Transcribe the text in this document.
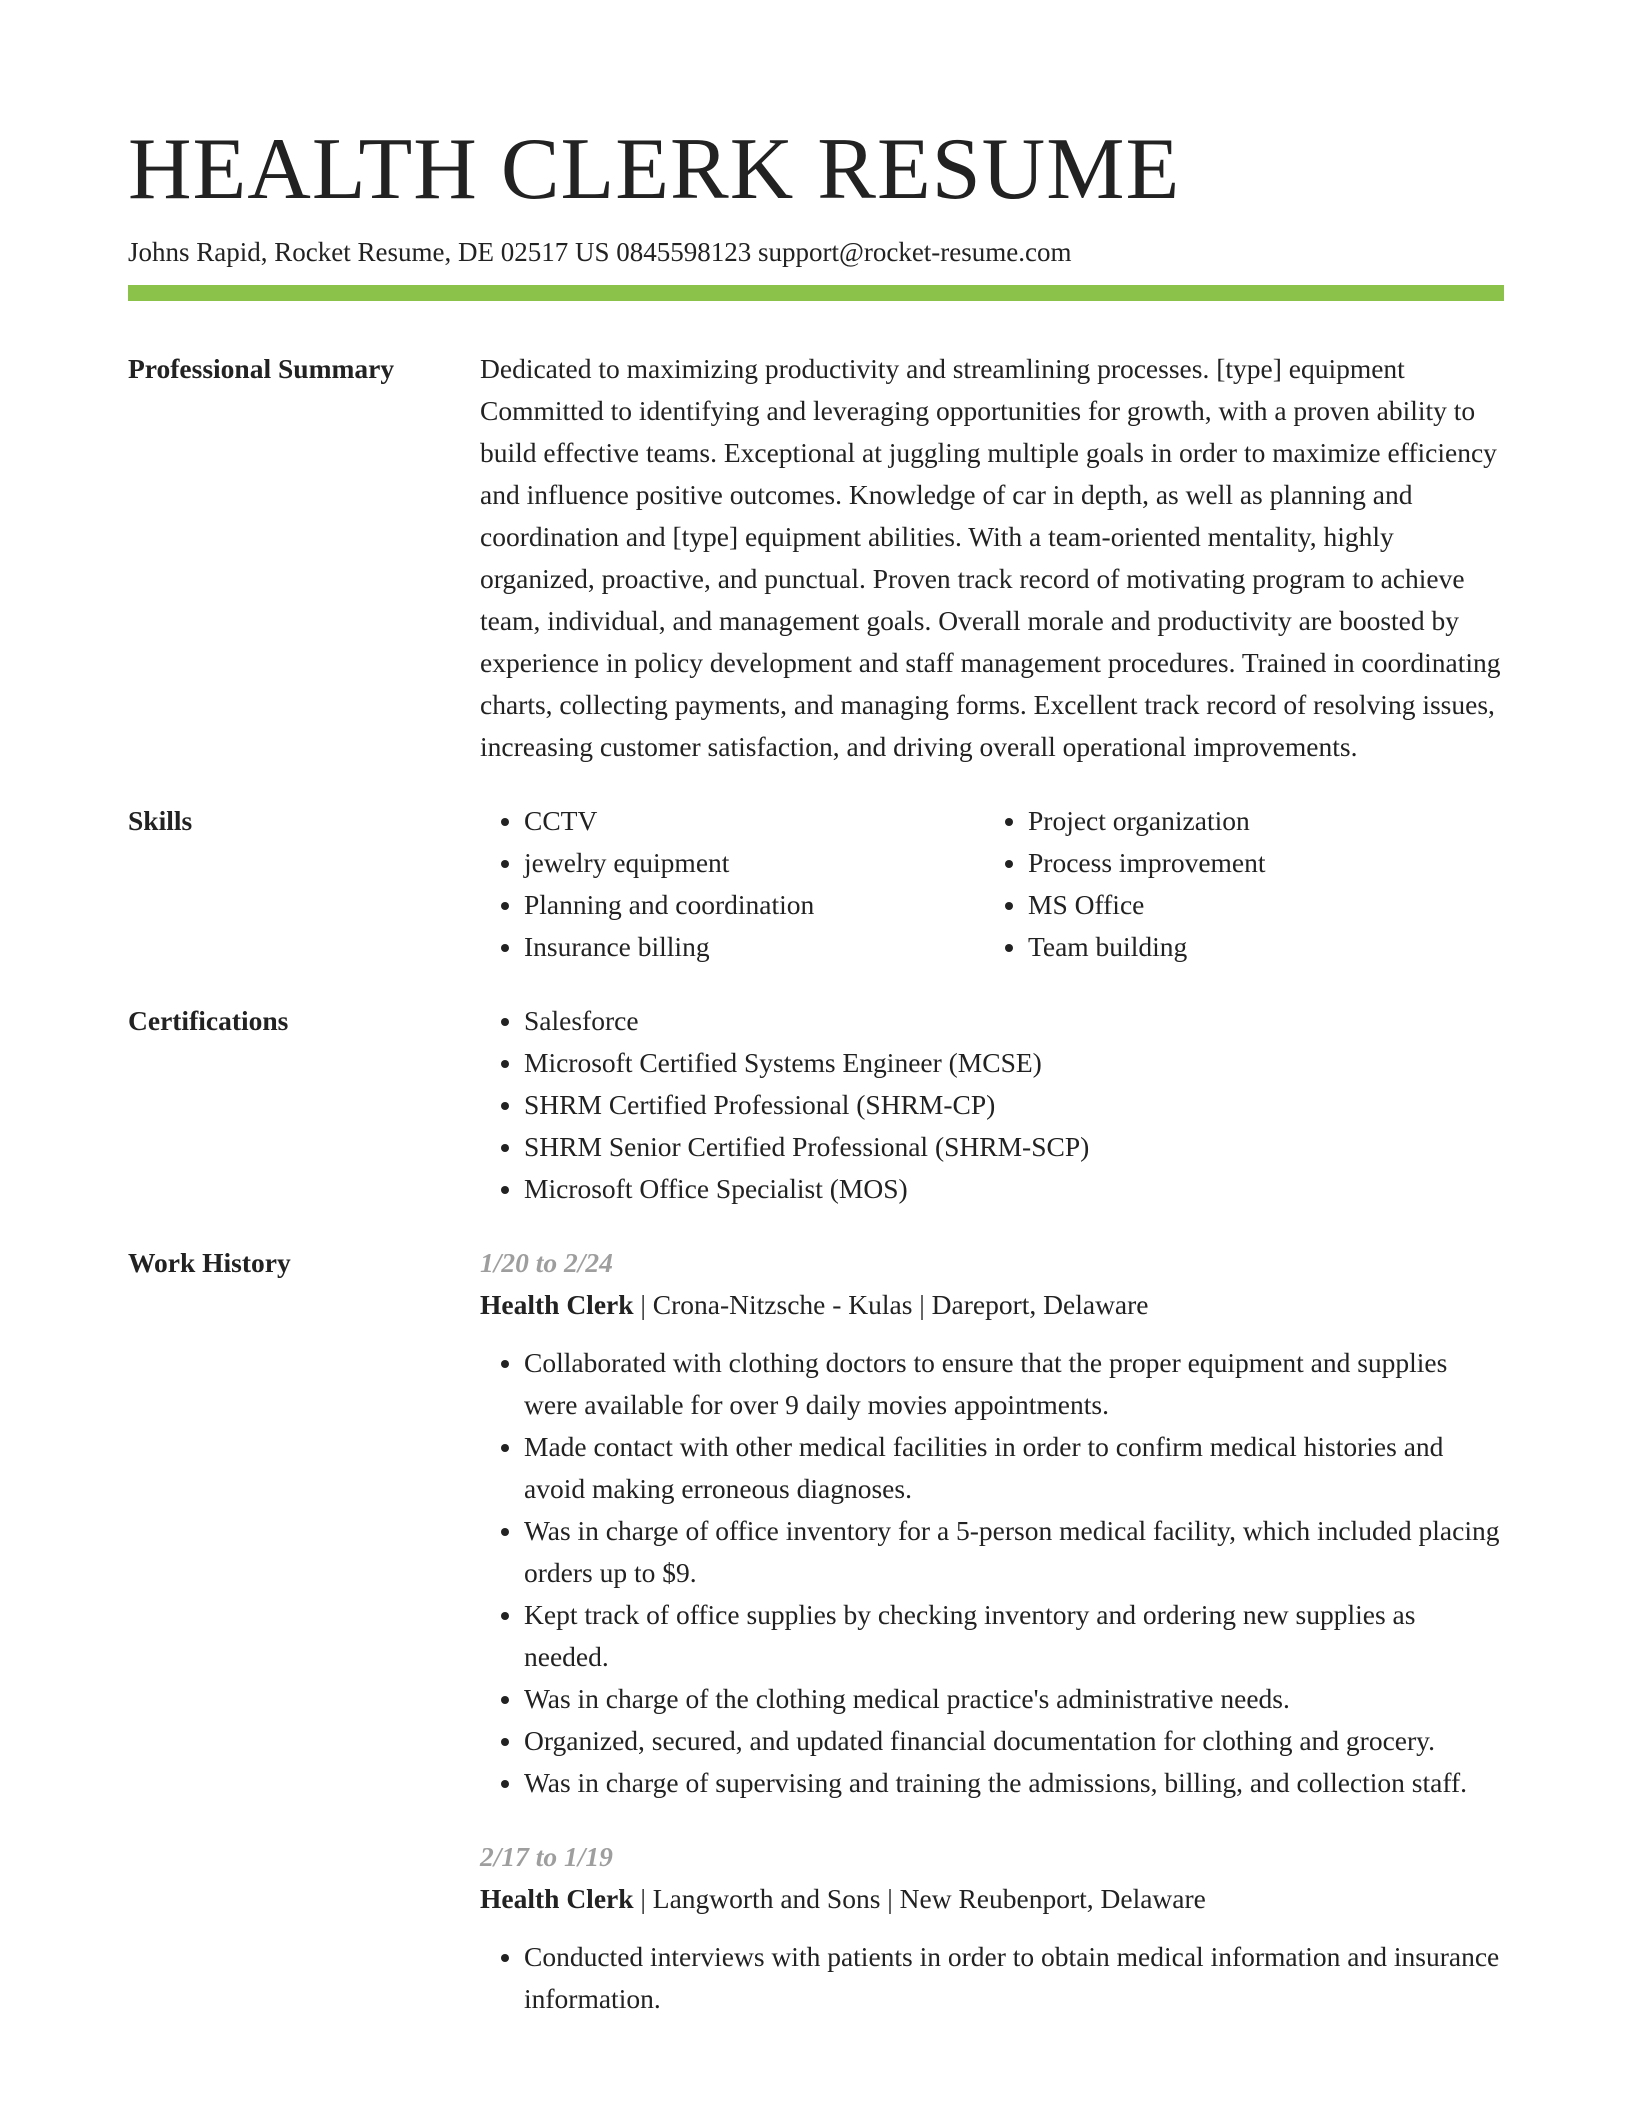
HEALTH CLERK RESUME
Johns Rapid, Rocket Resume, DE 02517 US 0845598123 support@rocket-resume.com
Professional Summary	Dedicated to maximizing productivity and streamlining processes. [type] equipment Committed to identifying and leveraging opportunities for growth, with a proven ability to build effective teams. Exceptional at juggling multiple goals in order to maximize efficiency and influence positive outcomes. Knowledge of car in depth, as well as planning and coordination and [type] equipment abilities. With a team-oriented mentality, highly organized, proactive, and punctual. Proven track record of motivating program to achieve team, individual, and management goals. Overall morale and productivity are boosted by experience in policy development and staff management procedures. Trained in coordinating charts, collecting payments, and managing forms. Excellent track record of resolving issues, increasing customer satisfaction, and driving overall operational improvements.

Skills	• CCTV
• jewelry equipment
• Planning and coordination
• Insurance billing
• Project organization
• Process improvement
• MS Office
• Team building
Certifications	• Salesforce
• Microsoft Certified Systems Engineer (MCSE)
• SHRM Certified Professional (SHRM-CP)
• SHRM Senior Certified Professional (SHRM-SCP)
• Microsoft Office Specialist (MOS)
Work History	1/20 to 2/24
Health Clerk | Crona-Nitzsche - Kulas | Dareport, Delaware
• Collaborated with clothing doctors to ensure that the proper equipment and supplies were available for over 9 daily movies appointments.
• Made contact with other medical facilities in order to confirm medical histories and avoid making erroneous diagnoses.
• Was in charge of office inventory for a 5-person medical facility, which included placing orders up to $9.
• Kept track of office supplies by checking inventory and ordering new supplies as needed.
• Was in charge of the clothing medical practice's administrative needs.
• Organized, secured, and updated financial documentation for clothing and grocery.
• Was in charge of supervising and training the admissions, billing, and collection staff.
2/17 to 1/19
Health Clerk | Langworth and Sons | New Reubenport, Delaware
• Conducted interviews with patients in order to obtain medical information and insurance information.
